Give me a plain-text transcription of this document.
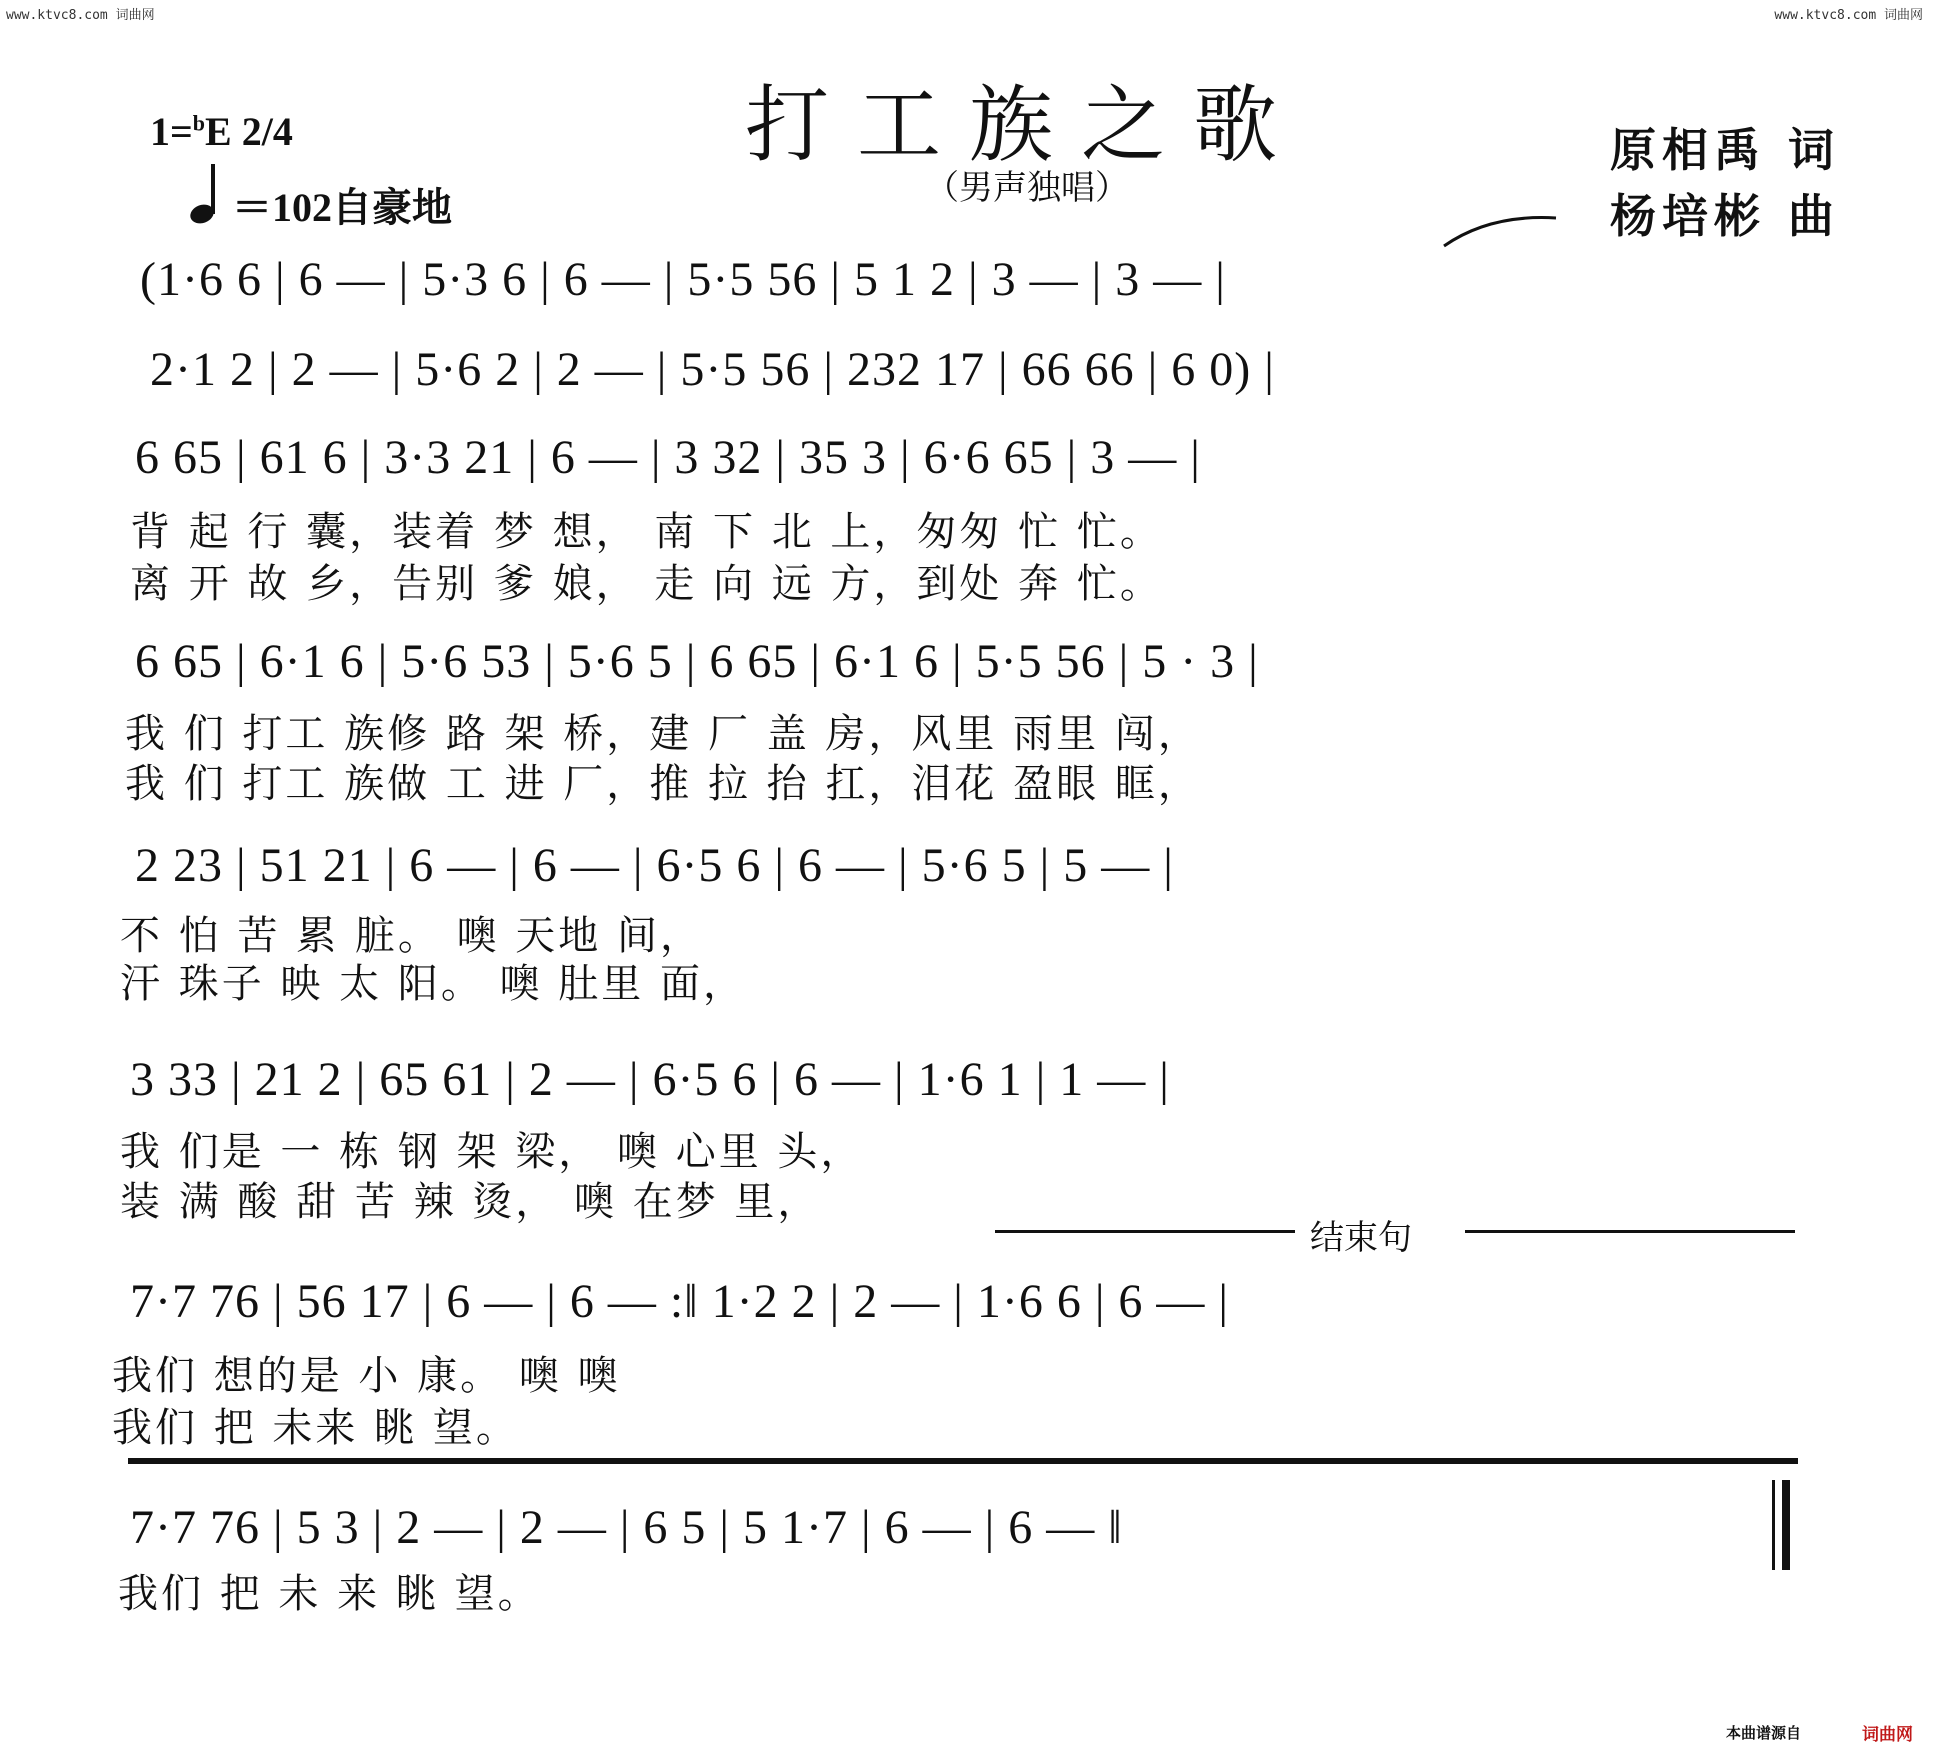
www.ktvc8.com 词曲网	www.ktvc8.com 词曲网
打工族之歌
（男声独唱）
1=$^b$E 2/4
＝102自豪地
原相禹 词
杨培彬 曲
(1·6 6 | 6 — | 5·3 6 | 6 — | 5·5 56 | 5 1 2 | 3 — | 3 — |
2·1 2 | 2 — | 5·6 2 | 2 — | 5·5 56 | 232 17 | 66 66 | 6 0) |
6 65 | 61 6 | 3·3 21 | 6 — | 3 32 | 35 3 | 6·6 65 | 3 — |
背 起 行 囊，装着 梦 想， 南 下 北 上，匆匆 忙 忙。
离 开 故 乡，告别 爹 娘， 走 向 远 方，到处 奔 忙。
6 65 | 6·1 6 | 5·6 53 | 5·6 5 | 6 65 | 6·1 6 | 5·5 56 | 5 · 3 |
我 们 打工 族修 路 架 桥，建 厂 盖 房，风里 雨里 闯，
我 们 打工 族做 工 进 厂，推 拉 抬 扛，泪花 盈眼 眶，
2 23 | 51 21 | 6 — | 6 — | 6·5 6 | 6 — | 5·6 5 | 5 — |
不 怕 苦 累 脏。 噢 天地 间，
汗 珠子 映 太 阳。 噢 肚里 面，
3 33 | 21 2 | 65 61 | 2 — | 6·5 6 | 6 — | 1·6 1 | 1 — |
我 们是 一 栋 钢 架 梁， 噢 心里 头，
装 满 酸 甜 苦 辣 烫， 噢 在梦 里，
结束句
7·7 76 | 56 17 | 6 — | 6 — :‖ 1·2 2 | 2 — | 1·6 6 | 6 — |
我们 想的是 小 康。 噢 噢
我们 把 未来 眺 望。
7·7 76 | 5 3 | 2 — | 2 — | 6 5 | 5 1·7 | 6 — | 6 — ‖
我们 把 未 来 眺 望。
本曲谱源自	词曲网
